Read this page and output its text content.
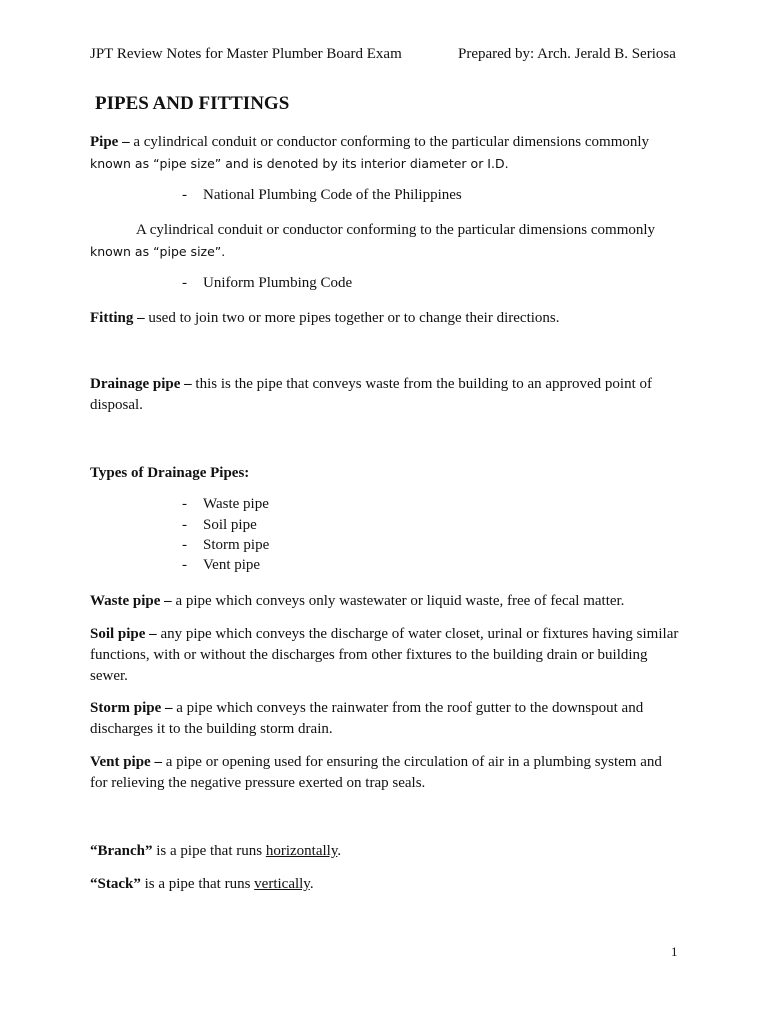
JPT Review Notes for Master Plumber Board Exam	Prepared by: Arch. Jerald B. Seriosa
PIPES AND FITTINGS

Pipe – a cylindrical conduit or conductor conforming to the particular dimensions commonly
known as “pipe size” and is denoted by its interior diameter or I.D.

- National Plumbing Code of the Philippines

A cylindrical conduit or conductor conforming to the particular dimensions commonly
known as “pipe size”.

- Uniform Plumbing Code

Fitting – used to join two or more pipes together or to change their directions.

Drainage pipe – this is the pipe that conveys waste from the building to an approved point of disposal.

Types of Drainage Pipes:

- Waste pipe
- Soil pipe
- Storm pipe
- Vent pipe

Waste pipe – a pipe which conveys only wastewater or liquid waste, free of fecal matter.

Soil pipe – any pipe which conveys the discharge of water closet, urinal or fixtures having similar functions, with or without the discharges from other fixtures to the building drain or building sewer.

Storm pipe – a pipe which conveys the rainwater from the roof gutter to the downspout and discharges it to the building storm drain.

Vent pipe – a pipe or opening used for ensuring the circulation of air in a plumbing system and for relieving the negative pressure exerted on trap seals.

“Branch” is a pipe that runs horizontally.

“Stack” is a pipe that runs vertically.

1
